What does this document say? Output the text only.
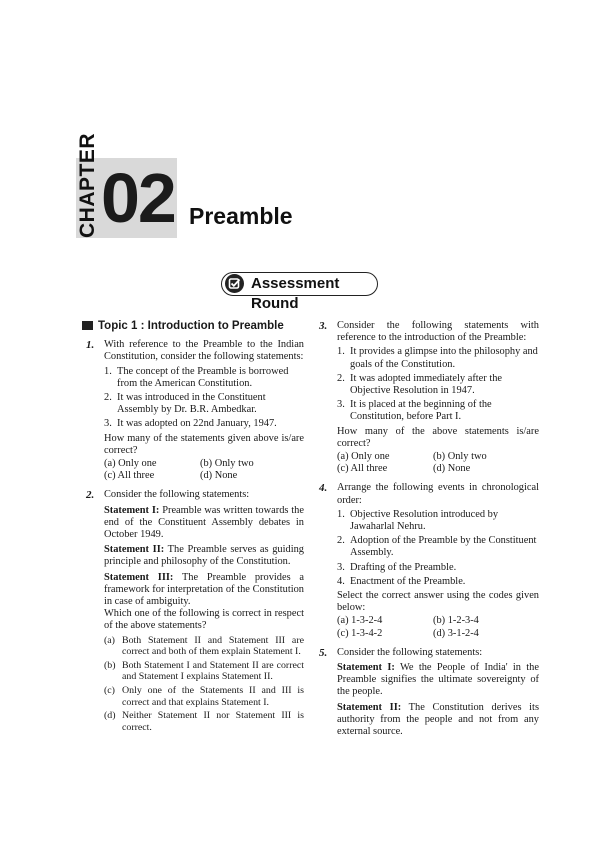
CHAPTER 02 Preamble
Assessment Round
Topic 1 : Introduction to Preamble
1. With reference to the Preamble to the Indian Constitution, consider the following statements:
1. The concept of the Preamble is borrowed from the American Constitution.
2. It was introduced in the Constituent Assembly by Dr. B.R. Ambedkar.
3. It was adopted on 22nd January, 1947.
How many of the statements given above is/are correct?
(a) Only one	(b) Only two
(c) All three	(d) None
2. Consider the following statements:
Statement I: Preamble was written towards the end of the Constituent Assembly debates in October 1949.
Statement II: The Preamble serves as guiding principle and philosophy of the Constitution.
Statement III: The Preamble provides a framework for interpretation of the Constitution in case of ambiguity.
Which one of the following is correct in respect of the above statements?
(a) Both Statement II and Statement III are correct and both of them explain Statement I.
(b) Both Statement I and Statement II are correct and Statement I explains Statement II.
(c) Only one of the Statements II and III is correct and that explains Statement I.
(d) Neither Statement II nor Statement III is correct.
3. Consider the following statements with reference to the introduction of the Preamble:
1. It provides a glimpse into the philosophy and goals of the Constitution.
2. It was adopted immediately after the Objective Resolution in 1947.
3. It is placed at the beginning of the Constitution, before Part I.
How many of the above statements is/are correct?
(a) Only one	(b) Only two
(c) All three	(d) None
4. Arrange the following events in chronological order:
1. Objective Resolution introduced by Jawaharlal Nehru.
2. Adoption of the Preamble by the Constituent Assembly.
3. Drafting of the Preamble.
4. Enactment of the Preamble.
Select the correct answer using the codes given below:
(a) 1-3-2-4	(b) 1-2-3-4
(c) 1-3-4-2	(d) 3-1-2-4
5. Consider the following statements:
Statement I: We the People of India' in the Preamble signifies the ultimate sovereignty of the people.
Statement II: The Constitution derives its authority from the people and not from any external source.
